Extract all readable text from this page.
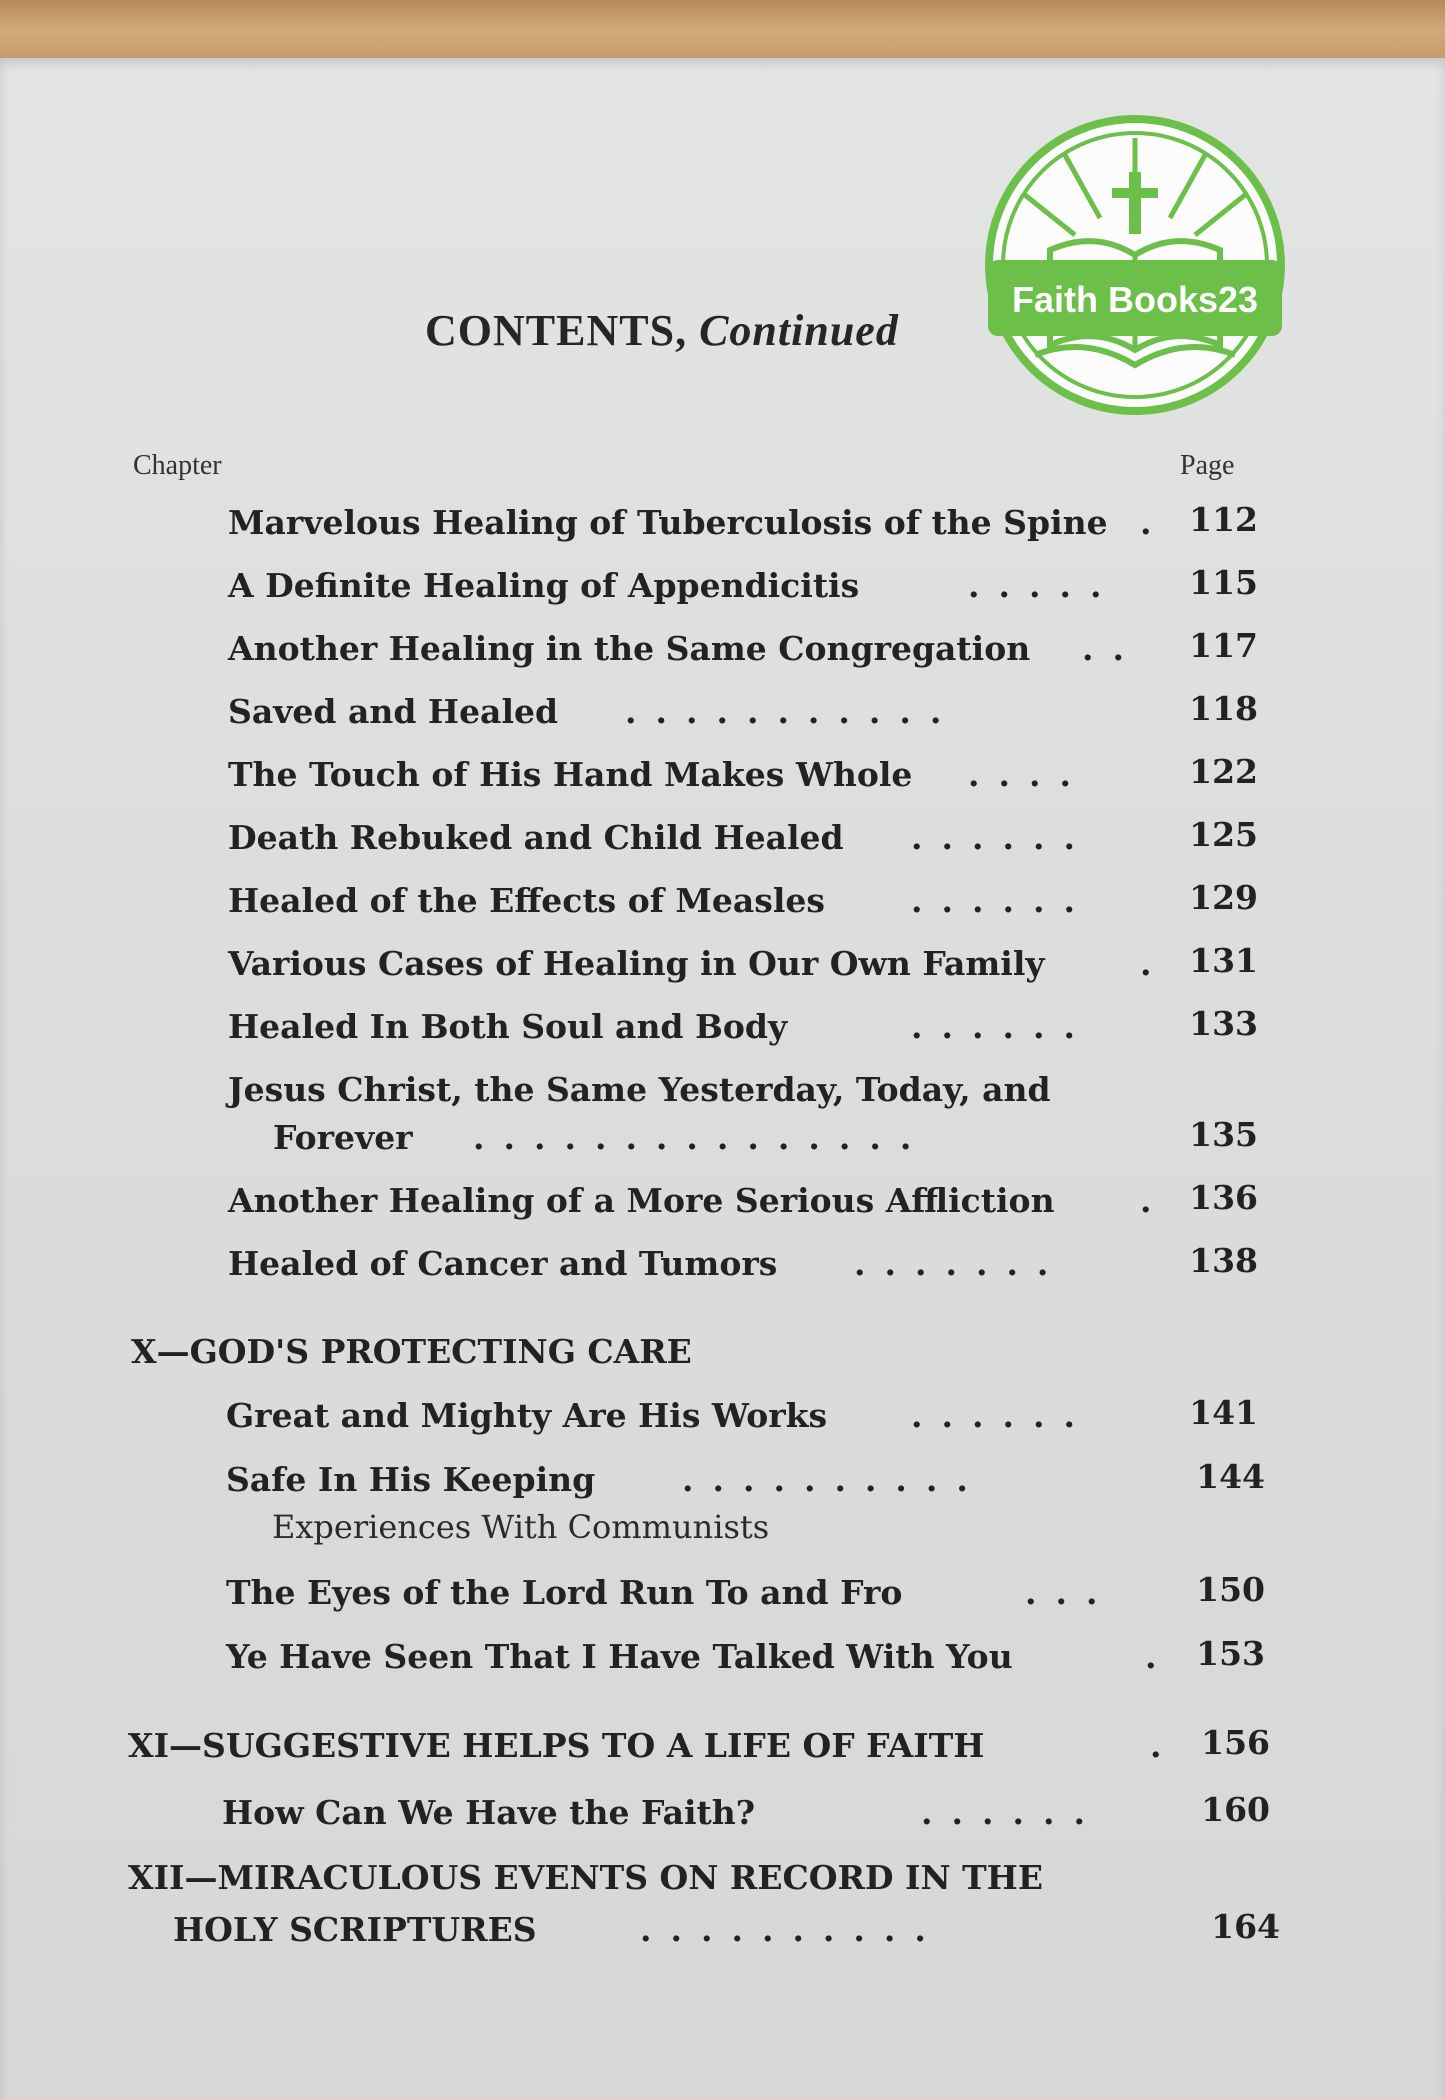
CONTENTS, Continued
Chapter	Page
Faith Books23
Marvelous Healing of Tuberculosis of the Spine . 112
A Definite Healing of Appendicitis	.....	115
Another Healing in the Same Congregation ..	117
Saved and Healed ...........	118
The Touch of His Hand Makes Whole ....	122
Death Rebuked and Child Healed ......	125
Healed of the Effects of Measles	......	129
Various Cases of Healing in Our Own Family	. 131
Healed In Both Soul and Body	......	133
Jesus Christ, the Same Yesterday, Today, and
Forever ...............	135
Another Healing of a More Serious Affliction	. 136
Healed of Cancer and Tumors .......	138
X—GOD'S PROTECTING CARE
Great and Mighty Are His Works	......	141
Safe In His Keeping	..........	144
Experiences With Communists
The Eyes of the Lord Run To and Fro	...	150
Ye Have Seen That I Have Talked With You	. 153
XI—SUGGESTIVE HELPS TO A LIFE OF FAITH	. 156
How Can We Have the Faith?	......	160
XII—MIRACULOUS EVENTS ON RECORD IN THE
HOLY SCRIPTURES	..........	164
